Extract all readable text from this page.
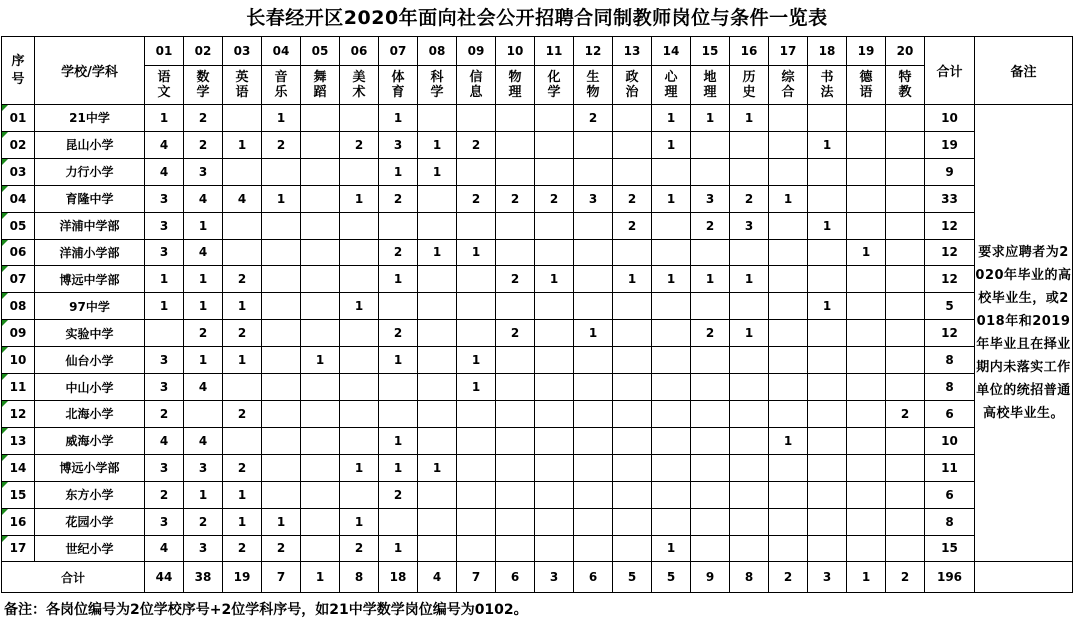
长春经开区2020年面向社会公开招聘合同制教师岗位与条件一览表
序号	学校/学科	01	02	03	04	05	06	07	08	09	10	11	12	13	14	15	16	17	18	19	20	合计	备注
		语文	数学	英语	音乐	舞蹈	美术	体育	科学	信息	物理	化学	生物	政治	心理	地理	历史	综合	书法	德语	特教		
01	21中学	1	2		1			1					2		1	1	1					10	要求应聘者为2020年毕业的高校毕业生，或2018年和2019年毕业且在择业期内未落实工作单位的统招普通高校毕业生。
02	昆山小学	4	2	1	2		2	3	1	2					1				1			19	
03	力行小学	4	3					1	1													9	
04	育隆中学	3	4	4	1		1	2		2	2	2	3	2	1	3	2	1				33	
05	洋浦中学部	3	1											2		2	3		1			12	
06	洋浦小学部	3	4					2	1	1										1		12	
07	博远中学部	1	1	2				1			2	1		1	1	1	1					12	
08	97中学	1	1	1			1												1			5	
09	实验中学		2	2				2			2		1			2	1					12	
10	仙台小学	3	1	1		1		1		1												8	
11	中山小学	3	4							1												8	
12	北海小学	2		2																	2	6	
13	威海小学	4	4					1										1				10	
14	博远小学部	3	3	2			1	1	1													11	
15	东方小学	2	1	1				2														6	
16	花园小学	3	2	1	1		1															8	
17	世纪小学	4	3	2	2		2	1							1							15	
合计		44	38	19	7	1	8	18	4	7	6	3	6	5	5	9	8	2	3	1	2	196	
备注：各岗位编号为2位学校序号+2位学科序号，如21中学数学岗位编号为0102。
